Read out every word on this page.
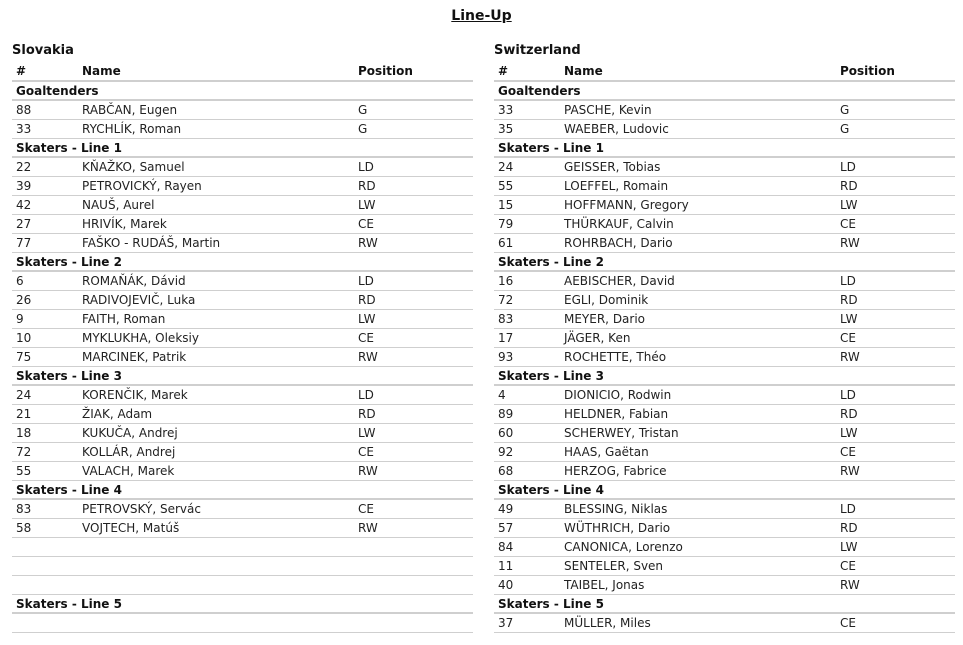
Line-Up
Slovakia
#	Name	Position
Goaltenders
88	RABČAN, Eugen	G
33	RYCHLÍK, Roman	G
Skaters - Line 1
22	KŇAŽKO, Samuel	LD
39	PETROVICKÝ, Rayen	RD
42	NAUŠ, Aurel	LW
27	HRIVÍK, Marek	CE
77	FAŠKO - RUDÁŠ, Martin	RW
Skaters - Line 2
6	ROMAŇÁK, Dávid	LD
26	RADIVOJEVIČ, Luka	RD
9	FAITH, Roman	LW
10	MYKLUKHA, Oleksiy	CE
75	MARCINEK, Patrik	RW
Skaters - Line 3
24	KORENČIK, Marek	LD
21	ŽIAK, Adam	RD
18	KUKUČA, Andrej	LW
72	KOLLÁR, Andrej	CE
55	VALACH, Marek	RW
Skaters - Line 4
83	PETROVSKÝ, Servác	CE
58	VOJTECH, Matúš	RW
Skaters - Line 5
Switzerland
#	Name	Position
Goaltenders
33	PASCHE, Kevin	G
35	WAEBER, Ludovic	G
Skaters - Line 1
24	GEISSER, Tobias	LD
55	LOEFFEL, Romain	RD
15	HOFFMANN, Gregory	LW
79	THÜRKAUF, Calvin	CE
61	ROHRBACH, Dario	RW
Skaters - Line 2
16	AEBISCHER, David	LD
72	EGLI, Dominik	RD
83	MEYER, Dario	LW
17	JÄGER, Ken	CE
93	ROCHETTE, Théo	RW
Skaters - Line 3
4	DIONICIO, Rodwin	LD
89	HELDNER, Fabian	RD
60	SCHERWEY, Tristan	LW
92	HAAS, Gaëtan	CE
68	HERZOG, Fabrice	RW
Skaters - Line 4
49	BLESSING, Niklas	LD
57	WÜTHRICH, Dario	RD
84	CANONICA, Lorenzo	LW
11	SENTELER, Sven	CE
40	TAIBEL, Jonas	RW
Skaters - Line 5
37	MÜLLER, Miles	CE
